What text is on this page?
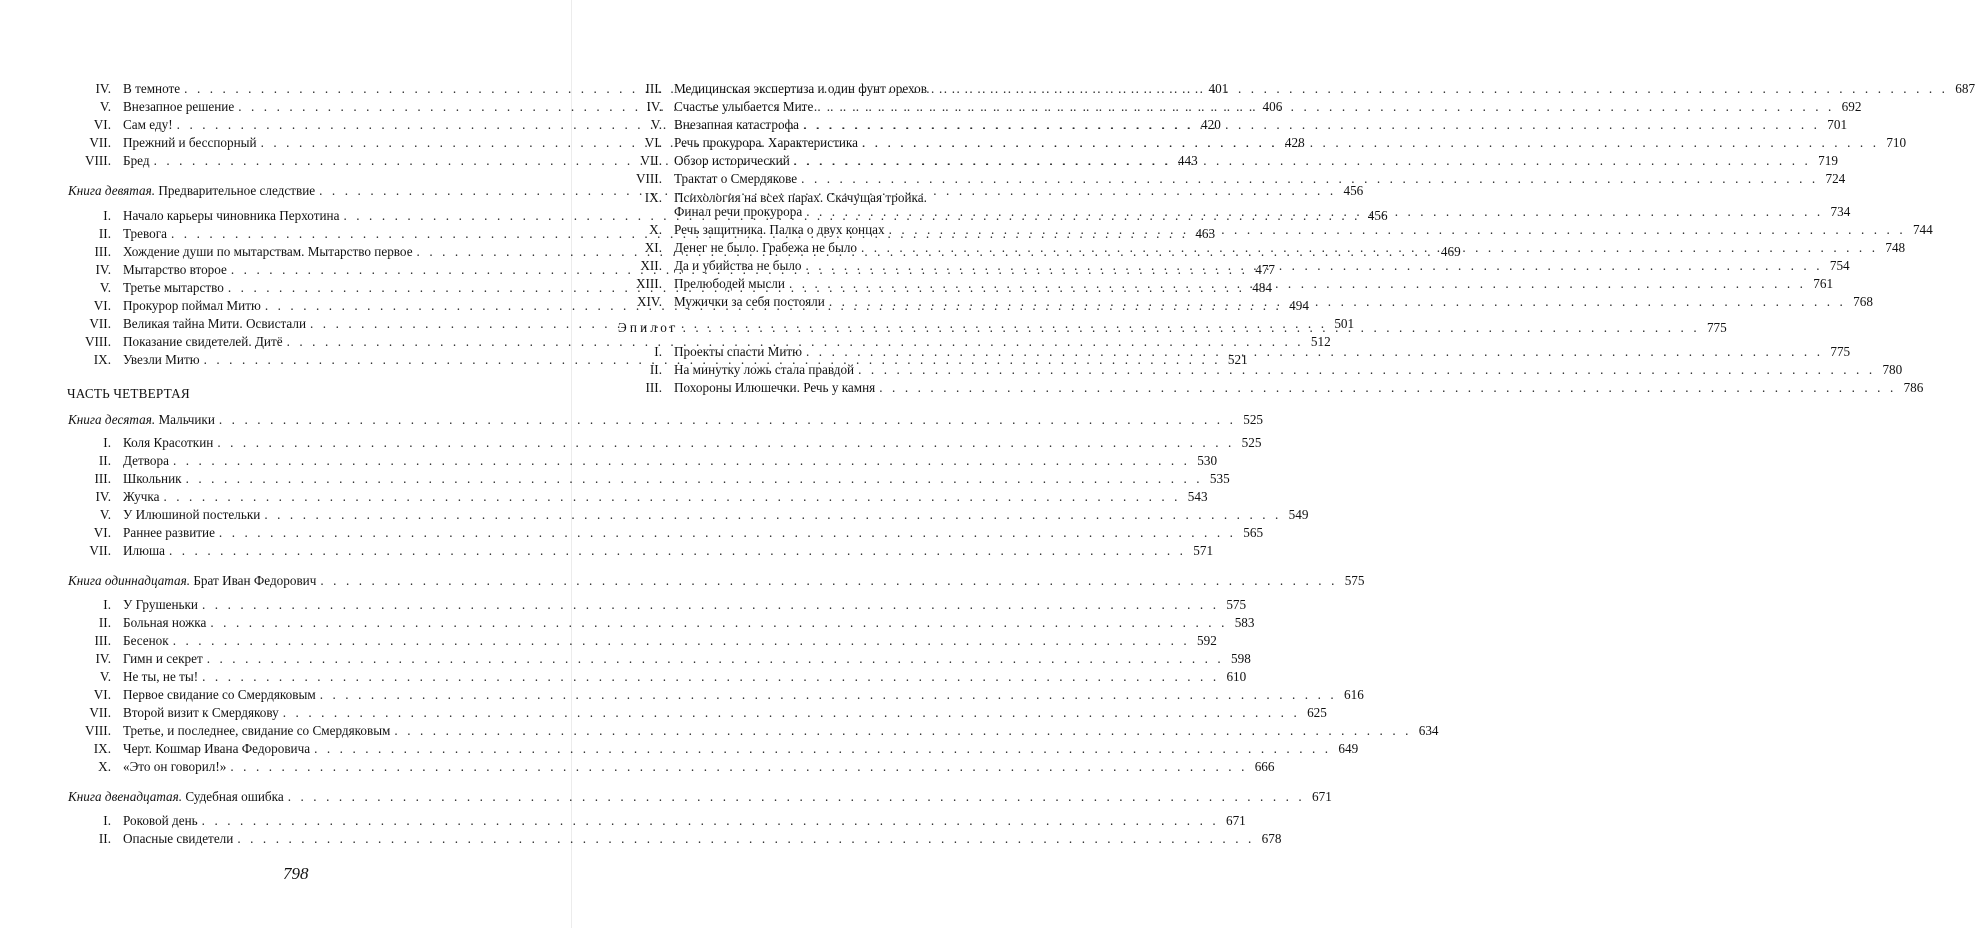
IV. В темноте . . .	401
V. Внезапное решение . . .	406
VI. Сам еду! . . .	420
VII. Прежний и бесспорный . . .	428
VIII. Бред . . .	443
Книга девятая. Предварительное следствие . . .	456
I. Начало карьеры чиновника Перхотина . . .	456
II. Тревога . . .	463
III. Хождение души по мытарствам. Мытарство первое . . .	469
IV. Мытарство второе . . .	477
V. Третье мытарство . . .	484
VI. Прокурор поймал Митю . . .	494
VII. Великая тайна Мити. Освистали . . .	501
VIII. Показание свидетелей. Дитё . . .	512
IX. Увезли Митю . . .	521
ЧАСТЬ ЧЕТВЕРТАЯ
Книга десятая. Мальчики . . .	525
I. Коля Красоткин . . .	525
II. Детвора . . .	530
III. Школьник . . .	535
IV. Жучка . . .	543
V. У Илюшиной постельки . . .	549
VI. Раннее развитие . . .	565
VII. Илюша . . .	571
Книга одиннадцатая. Брат Иван Федорович . . .	575
I. У Грушеньки . . .	575
II. Больная ножка . . .	583
III. Бесенок . . .	592
IV. Гимн и секрет . . .	598
V. Не ты, не ты! . . .	610
VI. Первое свидание со Смердяковым . . .	616
VII. Второй визит к Смердякову . . .	625
VIII. Третье, и последнее, свидание со Смердяковым . . .	634
IX. Черт. Кошмар Ивана Федоровича . . .	649
X. «Это он говорил!» . . .	666
Книга двенадцатая. Судебная ошибка . . .	671
I. Роковой день . . .	671
II. Опасные свидетели . . .	678
798
III. Медицинская экспертиза и один фунт орехов . . .	687
IV. Счастье улыбается Мите . . .	692
V. Внезапная катастрофа . . .	701
VI. Речь прокурора. Характеристика . . .	710
VII. Обзор исторический . . .	719
VIII. Трактат о Смердякове . . .	724
IX. Психология на всех парах. Скачущая тройка.
Финал речи прокурора . . .	734
X. Речь защитника. Палка о двух концах . . .	744
XI. Денег не было. Грабежа не было . . .	748
XII. Да и убийства не было . . .	754
XIII. Прелюбодей мысли . . .	761
XIV. Мужички за себя постояли . . .	768
Эпилог . . .	775
I. Проекты спасти Митю . . .	775
II. На минутку ложь стала правдой . . .	780
III. Похороны Илюшечки. Речь у камня . . .	786
